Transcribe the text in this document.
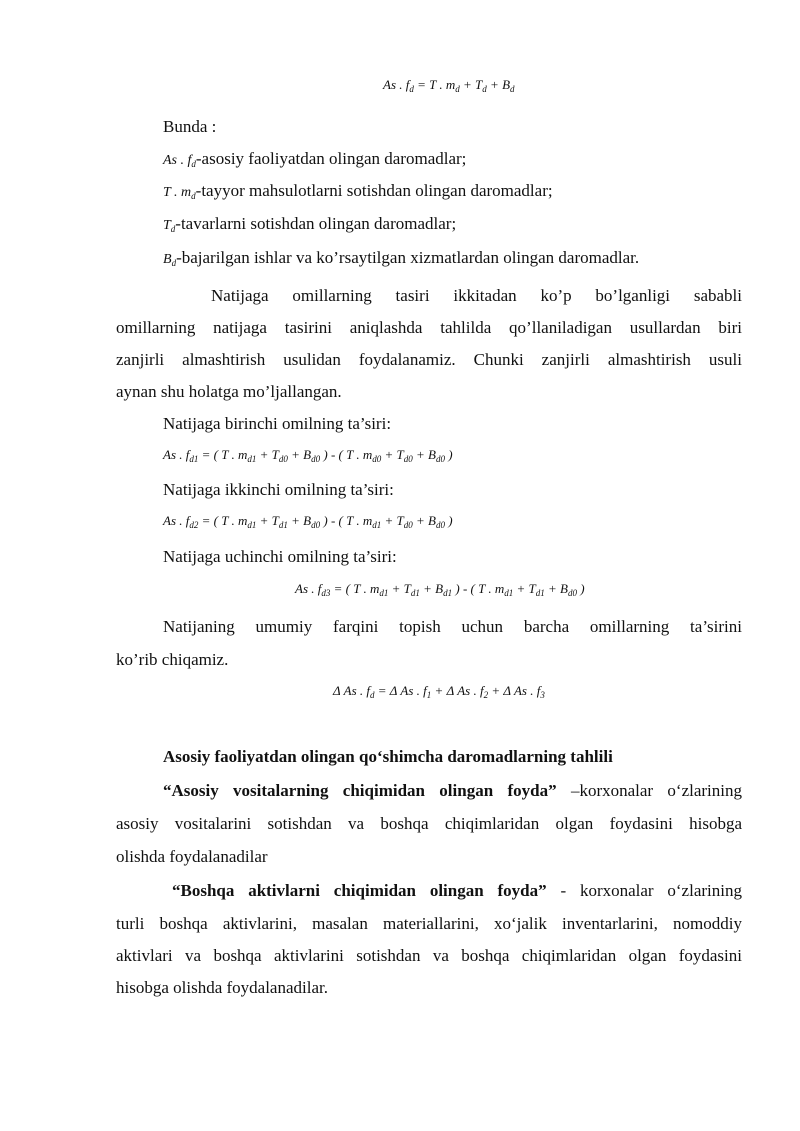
As . $f_d = T$ . $m_d + T_d + B_d$
Bunda :
As . $f_d$-asosiy faoliyatdan olingan daromadlar;
T . $m_d$-tayyor mahsulotlarni sotishdan olingan daromadlar;
$T_d$-tavarlarni sotishdan olingan daromadlar;
$B_d$-bajarilgan ishlar va ko’rsaytilgan xizmatlardan olingan daromadlar.
Natijaga omillarning tasiri ikkitadan ko’p bo’lganligi sababli
omillarning natijaga tasirini aniqlashda tahlilda qo’llaniladigan usullardan biri
zanjirli almashtirish usulidan foydalanamiz. Chunki zanjirli almashtirish usuli
aynan shu holatga mo’ljallangan.
Natijaga birinchi omilning ta’siri:
As . $f_{d1}$ = ( T . $m_{d1} + T_{d0} + B_{d0}$ ) - ( T . $m_{d0} + T_{d0} + B_{d0}$ )
Natijaga ikkinchi omilning ta’siri:
As . $f_{d2}$ = ( T . $m_{d1} + T_{d1} + B_{d0}$ ) - ( T . $m_{d1} + T_{d0} + B_{d0}$ )
Natijaga uchinchi omilning ta’siri:
As . $f_{d3}$ = ( T . $m_{d1} + T_{d1} + B_{d1}$ ) - ( T . $m_{d1} + T_{d1} + B_{d0}$ )
Natijaning umumiy farqini topish uchun barcha omillarning ta’sirini
ko’rib chiqamiz.
Δ As . $f_d = \Delta$ As . $f_1 + \Delta$ As . $f_2 + \Delta$ As . $f_3$
Asosiy faoliyatdan olingan qo‘shimcha daromadlarning tahlili
“Asosiy vositalarning chiqimidan olingan foyda” –korxonalar o‘zlarining
asosiy vositalarini sotishdan va boshqa chiqimlaridan olgan foydasini hisobga
olishda foydalanadilar
“Boshqa aktivlarni chiqimidan olingan foyda” - korxonalar o‘zlarining
turli boshqa aktivlarini, masalan materiallarini, xo‘jalik inventarlarini, nomoddiy
aktivlari va boshqa aktivlarini sotishdan va boshqa chiqimlaridan olgan foydasini
hisobga olishda foydalanadilar.
